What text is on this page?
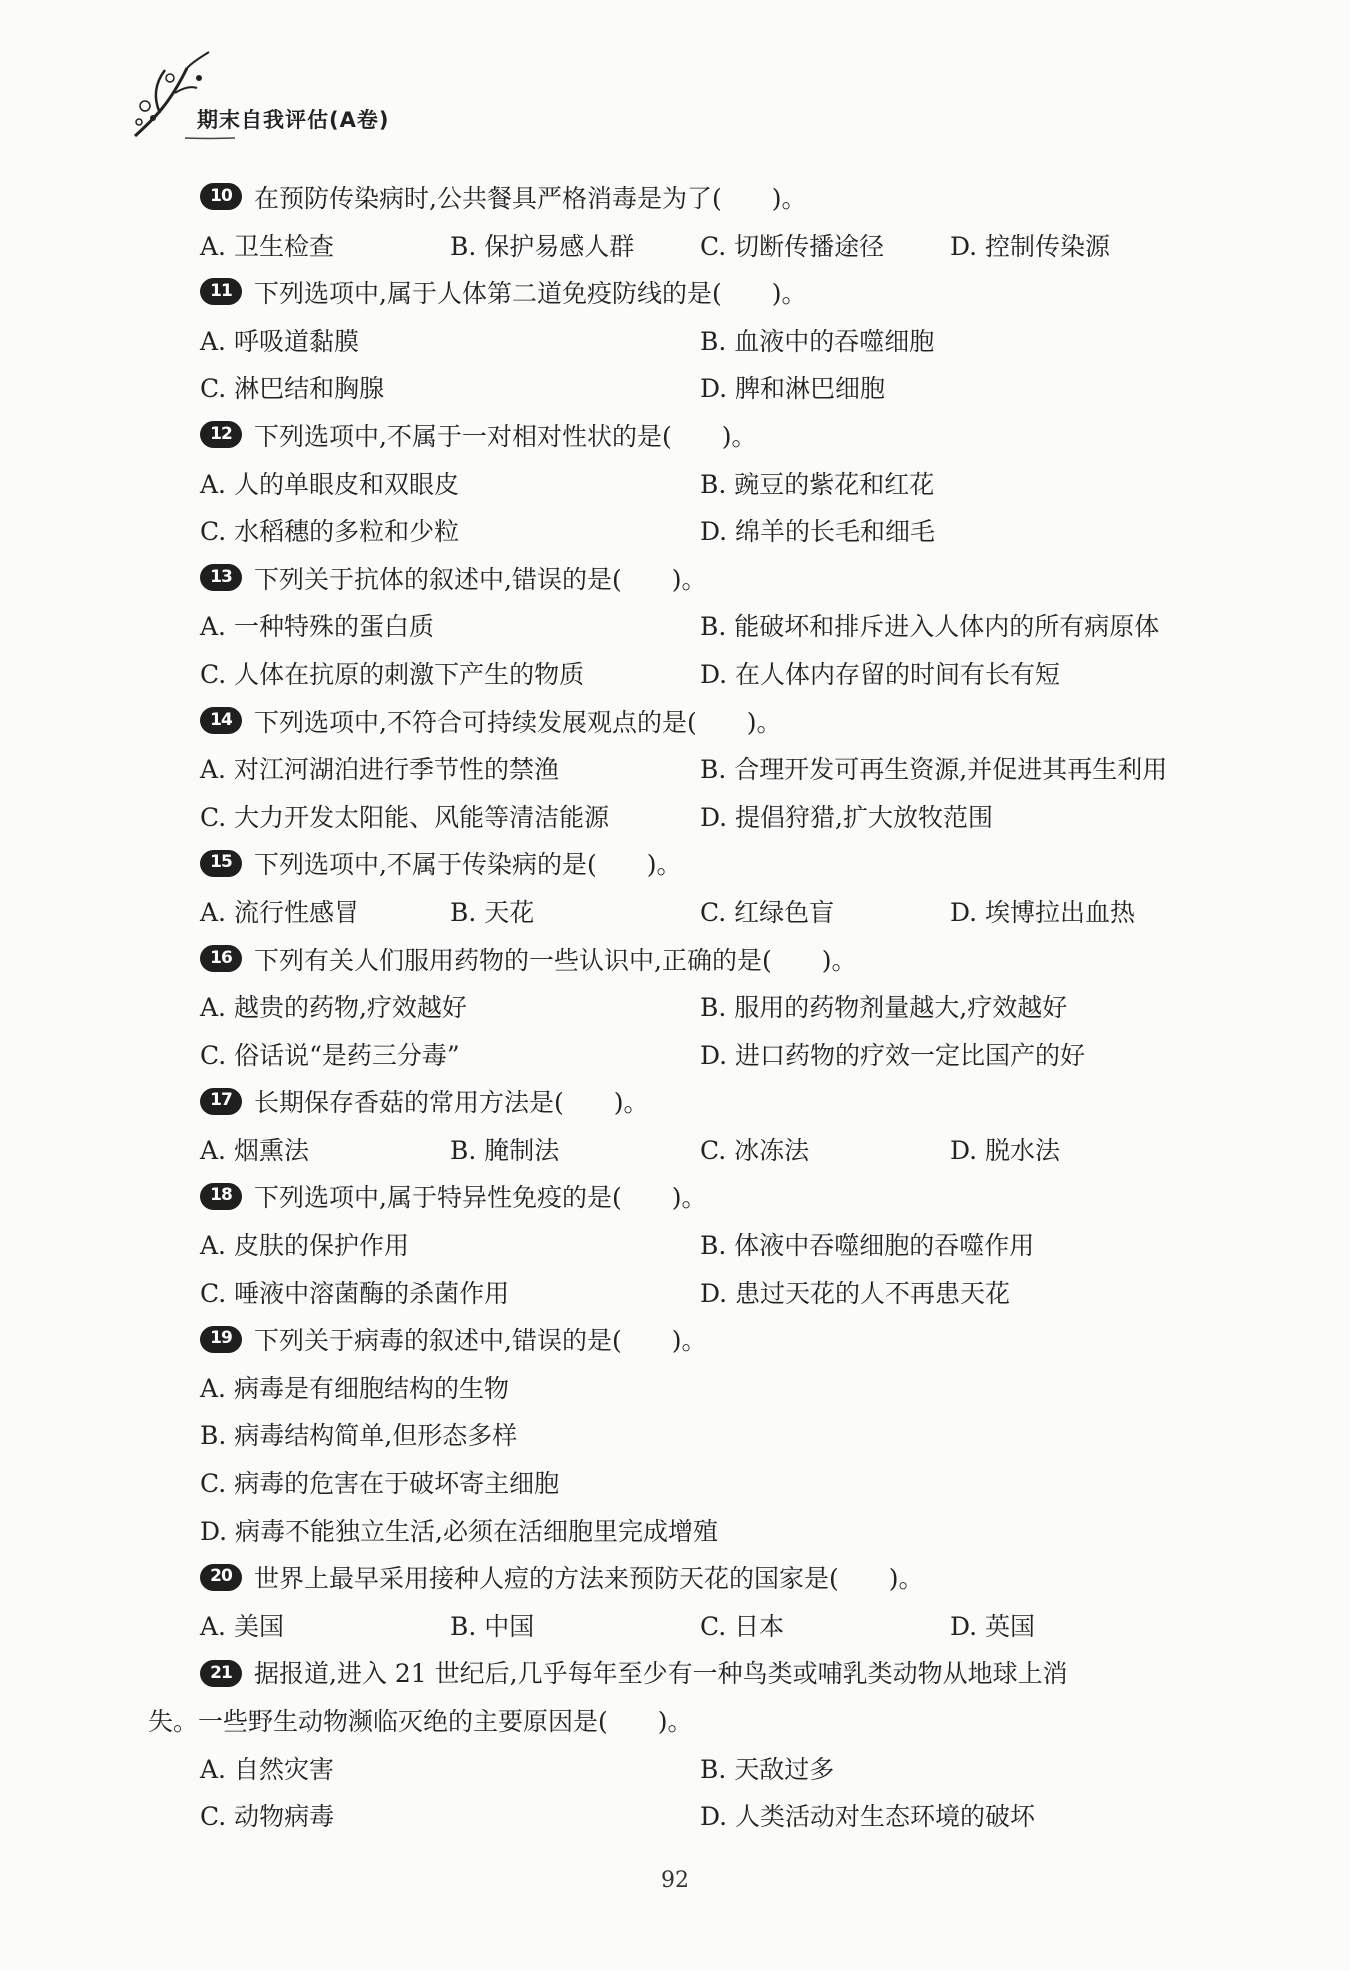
期末自我评估(A卷)
10 在预防传染病时,公共餐具严格消毒是为了(　　)。
A. 卫生检查	B. 保护易感人群	C. 切断传播途径	D. 控制传染源
11 下列选项中,属于人体第二道免疫防线的是(　　)。
A. 呼吸道黏膜	B. 血液中的吞噬细胞
C. 淋巴结和胸腺	D. 脾和淋巴细胞
12 下列选项中,不属于一对相对性状的是(　　)。
A. 人的单眼皮和双眼皮	B. 豌豆的紫花和红花
C. 水稻穗的多粒和少粒	D. 绵羊的长毛和细毛
13 下列关于抗体的叙述中,错误的是(　　)。
A. 一种特殊的蛋白质	B. 能破坏和排斥进入人体内的所有病原体
C. 人体在抗原的刺激下产生的物质	D. 在人体内存留的时间有长有短
14 下列选项中,不符合可持续发展观点的是(　　)。
A. 对江河湖泊进行季节性的禁渔	B. 合理开发可再生资源,并促进其再生利用
C. 大力开发太阳能、风能等清洁能源	D. 提倡狩猎,扩大放牧范围
15 下列选项中,不属于传染病的是(　　)。
A. 流行性感冒	B. 天花	C. 红绿色盲	D. 埃博拉出血热
16 下列有关人们服用药物的一些认识中,正确的是(　　)。
A. 越贵的药物,疗效越好	B. 服用的药物剂量越大,疗效越好
C. 俗话说“是药三分毒”	D. 进口药物的疗效一定比国产的好
17 长期保存香菇的常用方法是(　　)。
A. 烟熏法	B. 腌制法	C. 冰冻法	D. 脱水法
18 下列选项中,属于特异性免疫的是(　　)。
A. 皮肤的保护作用	B. 体液中吞噬细胞的吞噬作用
C. 唾液中溶菌酶的杀菌作用	D. 患过天花的人不再患天花
19 下列关于病毒的叙述中,错误的是(　　)。
A. 病毒是有细胞结构的生物
B. 病毒结构简单,但形态多样
C. 病毒的危害在于破坏寄主细胞
D. 病毒不能独立生活,必须在活细胞里完成增殖
20 世界上最早采用接种人痘的方法来预防天花的国家是(　　)。
A. 美国	B. 中国	C. 日本	D. 英国
21 据报道,进入 21 世纪后,几乎每年至少有一种鸟类或哺乳类动物从地球上消
失。一些野生动物濒临灭绝的主要原因是(　　)。
A. 自然灾害	B. 天敌过多
C. 动物病毒	D. 人类活动对生态环境的破坏
92
